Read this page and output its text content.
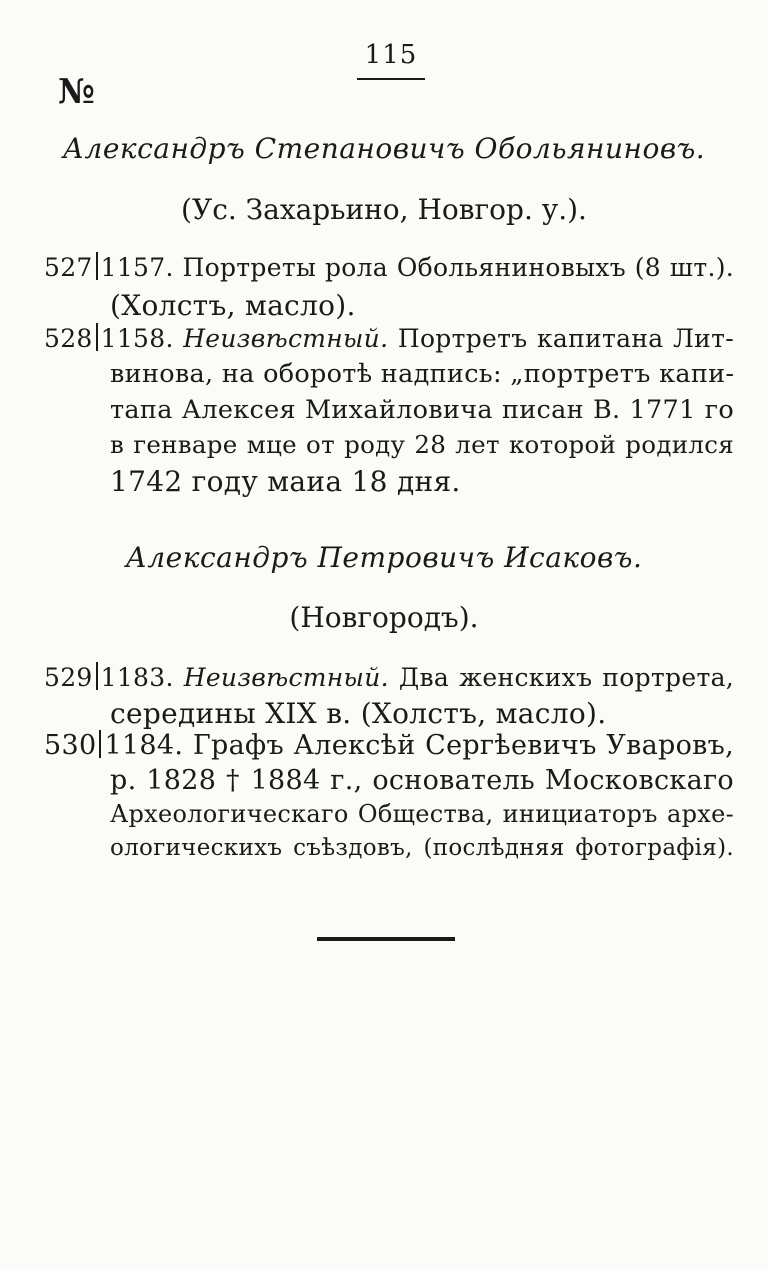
115
№
Александръ Степановичъ Обольяниновъ.
(Ус. Захарьино, Новгор. у.).
527 1157. Портреты рола Обольяниновыхъ (8 шт.).
(Холстъ, масло).
528 1158. Неизвѣстный. Портретъ капитана Лит-
винова, на оборотѣ надпись: „портретъ капи-
тапа Алексея Михайловича писан В. 1771 го
в генваре мце от роду 28 лет которой родился
1742 году маиа 18 дня.
Александръ Петровичъ Исаковъ.
(Новгородъ).
529 1183. Неизвѣстный. Два женскихъ портрета,
середины XIX в. (Холстъ, масло).
530 1184. Графъ Алексѣй Сергѣевичъ Уваровъ,
р. 1828 † 1884 г., основатель Московскаго
Археологическаго Общества, инициаторъ архе-
ологическихъ съѣздовъ, (послѣдняя фотографія).
